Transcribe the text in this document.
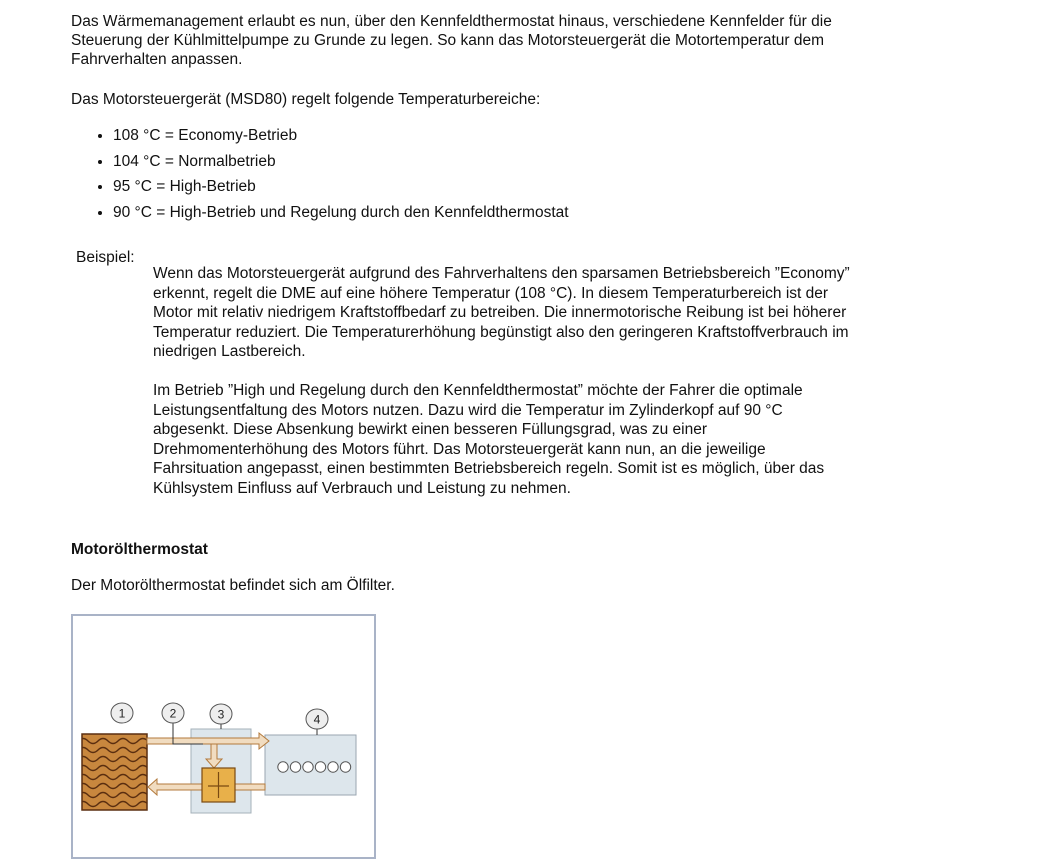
Das Wärmemanagement erlaubt es nun, über den Kennfeldthermostat hinaus, verschiedene Kennfelder für die
Steuerung der Kühlmittelpumpe zu Grunde zu legen. So kann das Motorsteuergerät die Motortemperatur dem
Fahrverhalten anpassen.

Das Motorsteuergerät (MSD80) regelt folgende Temperaturbereiche:

• 108 °C = Economy-Betrieb
• 104 °C = Normalbetrieb
• 95 °C = High-Betrieb
• 90 °C = High-Betrieb und Regelung durch den Kennfeldthermostat
Beispiel:

Wenn das Motorsteuergerät aufgrund des Fahrverhaltens den sparsamen Betriebsbereich ”Economy”
erkennt, regelt die DME auf eine höhere Temperatur (108 °C). In diesem Temperaturbereich ist der
Motor mit relativ niedrigem Kraftstoffbedarf zu betreiben. Die innermotorische Reibung ist bei höherer
Temperatur reduziert. Die Temperaturerhöhung begünstigt also den geringeren Kraftstoffverbrauch im
niedrigen Lastbereich.

Im Betrieb ”High und Regelung durch den Kennfeldthermostat” möchte der Fahrer die optimale
Leistungsentfaltung des Motors nutzen. Dazu wird die Temperatur im Zylinderkopf auf 90 °C
abgesenkt. Diese Absenkung bewirkt einen besseren Füllungsgrad, was zu einer
Drehmomenterhöhung des Motors führt. Das Motorsteuergerät kann nun, an die jeweilige
Fahrsituation angepasst, einen bestimmten Betriebsbereich regeln. Somit ist es möglich, über das
Kühlsystem Einfluss auf Verbrauch und Leistung zu nehmen.

Motorölthermostat
Der Motorölthermostat befindet sich am Ölfilter.
1	2	3	4
